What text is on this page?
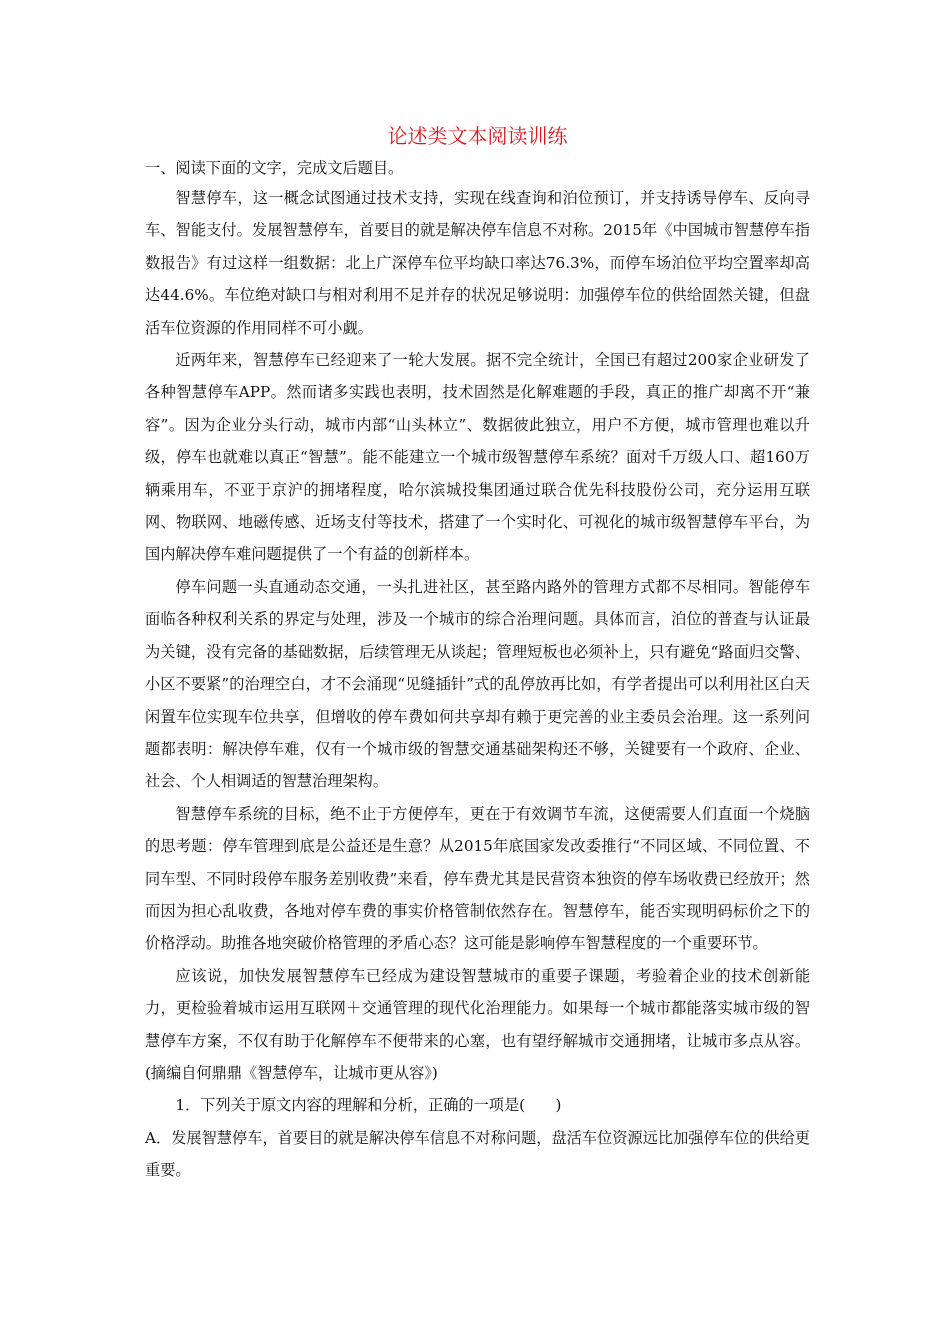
论述类文本阅读训练

一、阅读下面的文字，完成文后题目。

智慧停车，这一概念试图通过技术支持，实现在线查询和泊位预订，并支持诱导停车、反向寻车、智能支付。发展智慧停车，首要目的就是解决停车信息不对称。2015年《中国城市智慧停车指数报告》有过这样一组数据：北上广深停车位平均缺口率达76.3%，而停车场泊位平均空置率却高达44.6%。车位绝对缺口与相对利用不足并存的状况足够说明：加强停车位的供给固然关键，但盘活车位资源的作用同样不可小觑。

近两年来，智慧停车已经迎来了一轮大发展。据不完全统计，全国已有超过200家企业研发了各种智慧停车APP。然而诸多实践也表明，技术固然是化解难题的手段，真正的推广却离不开“兼容”。因为企业分头行动，城市内部“山头林立”、数据彼此独立，用户不方便，城市管理也难以升级，停车也就难以真正“智慧”。能不能建立一个城市级智慧停车系统？面对千万级人口、超160万辆乘用车，不亚于京沪的拥堵程度，哈尔滨城投集团通过联合优先科技股份公司，充分运用互联网、物联网、地磁传感、近场支付等技术，搭建了一个实时化、可视化的城市级智慧停车平台，为国内解决停车难问题提供了一个有益的创新样本。

停车问题一头直通动态交通，一头扎进社区，甚至路内路外的管理方式都不尽相同。智能停车面临各种权利关系的界定与处理，涉及一个城市的综合治理问题。具体而言，泊位的普查与认证最为关键，没有完备的基础数据，后续管理无从谈起；管理短板也必须补上，只有避免“路面归交警、小区不要紧”的治理空白，才不会涌现“见缝插针”式的乱停放再比如，有学者提出可以利用社区白天闲置车位实现车位共享，但增收的停车费如何共享却有赖于更完善的业主委员会治理。这一系列问题都表明：解决停车难，仅有一个城市级的智慧交通基础架构还不够，关键要有一个政府、企业、社会、个人相调适的智慧治理架构。

智慧停车系统的目标，绝不止于方便停车，更在于有效调节车流，这便需要人们直面一个烧脑的思考题：停车管理到底是公益还是生意？从2015年底国家发改委推行“不同区域、不同位置、不同车型、不同时段停车服务差别收费”来看，停车费尤其是民营资本独资的停车场收费已经放开；然而因为担心乱收费，各地对停车费的事实价格管制依然存在。智慧停车，能否实现明码标价之下的价格浮动。助推各地突破价格管理的矛盾心态？这可能是影响停车智慧程度的一个重要环节。

应该说，加快发展智慧停车已经成为建设智慧城市的重要子课题，考验着企业的技术创新能力，更检验着城市运用互联网＋交通管理的现代化治理能力。如果每一个城市都能落实城市级的智慧停车方案，不仅有助于化解停车不便带来的心塞，也有望纾解城市交通拥堵，让城市多点从容。(摘编自何鼎鼎《智慧停车，让城市更从容》)

1．下列关于原文内容的理解和分析，正确的一项是(　　)

A．发展智慧停车，首要目的就是解决停车信息不对称问题，盘活车位资源远比加强停车位的供给更重要。
